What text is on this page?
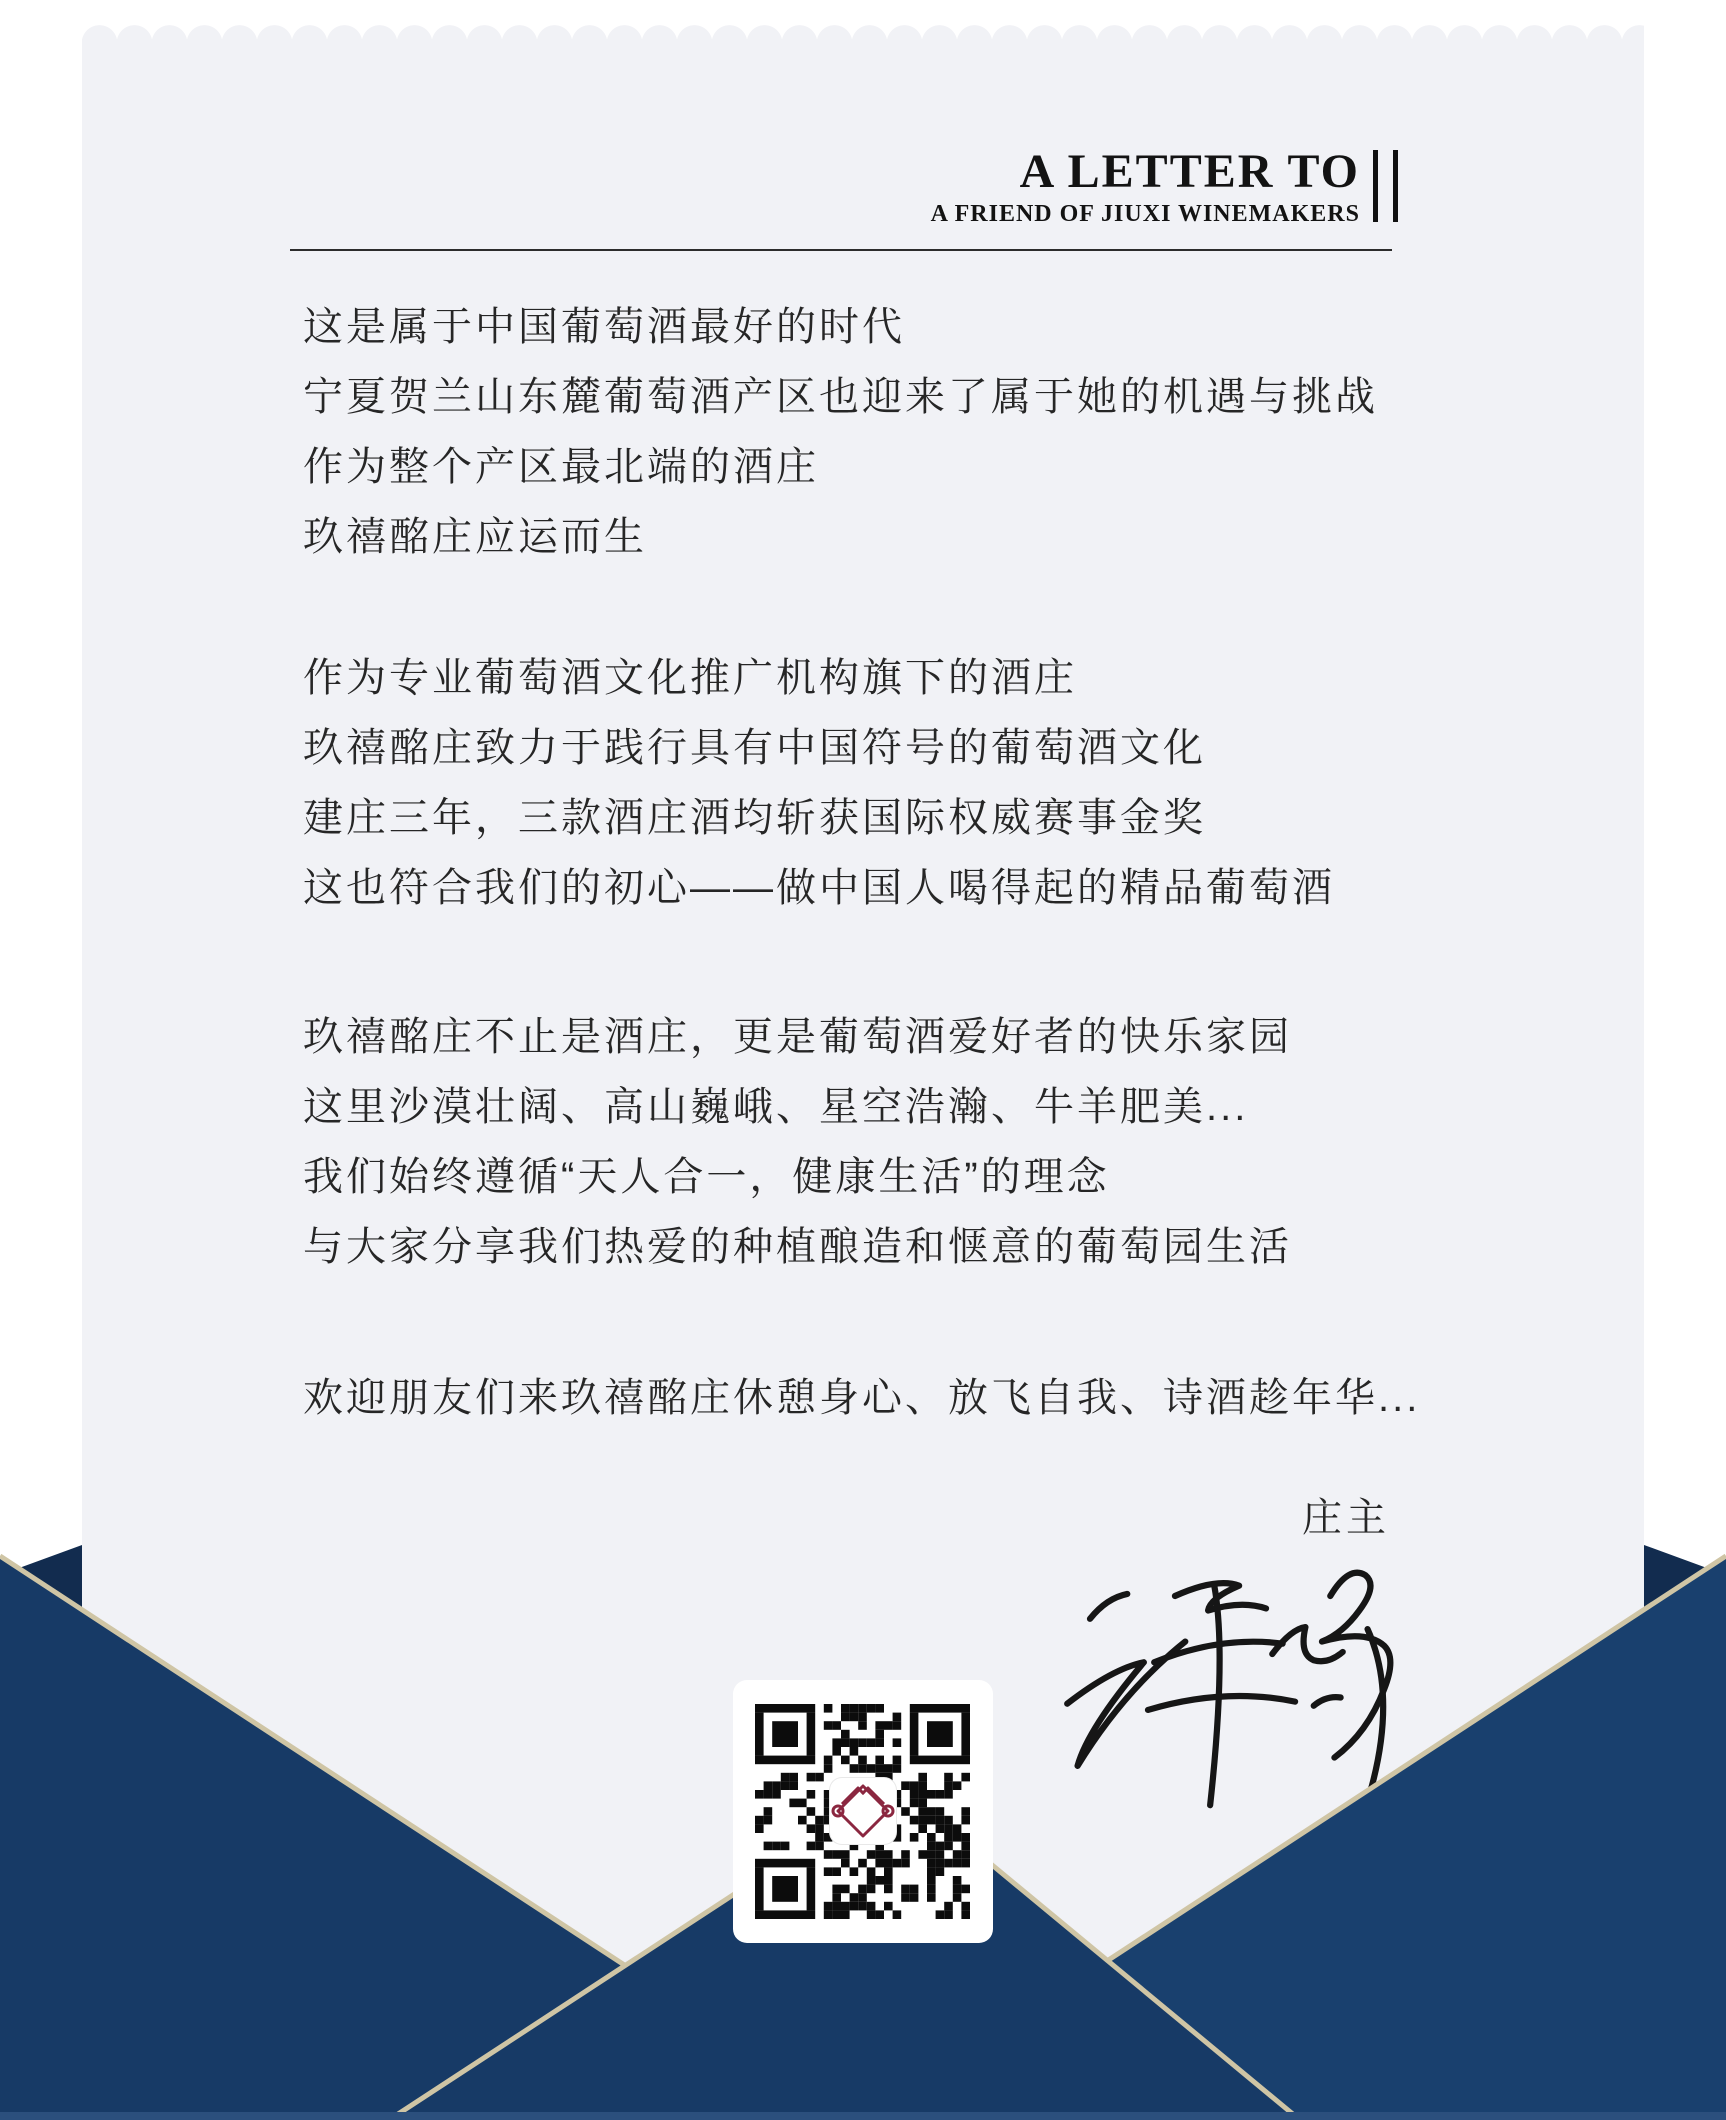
A LETTER TO
A FRIEND OF JIUXI WINEMAKERS
这是属于中国葡萄酒最好的时代
宁夏贺兰山东麓葡萄酒产区也迎来了属于她的机遇与挑战
作为整个产区最北端的酒庄
玖禧酩庄应运而生
作为专业葡萄酒文化推广机构旗下的酒庄
玖禧酩庄致力于践行具有中国符号的葡萄酒文化
建庄三年，三款酒庄酒均斩获国际权威赛事金奖
这也符合我们的初心——做中国人喝得起的精品葡萄酒
玖禧酩庄不止是酒庄，更是葡萄酒爱好者的快乐家园
这里沙漠壮阔、高山巍峨、星空浩瀚、牛羊肥美...
我们始终遵循“天人合一，健康生活”的理念
与大家分享我们热爱的种植酿造和惬意的葡萄园生活
欢迎朋友们来玖禧酩庄休憩身心、放飞自我、诗酒趁年华...
庄主
